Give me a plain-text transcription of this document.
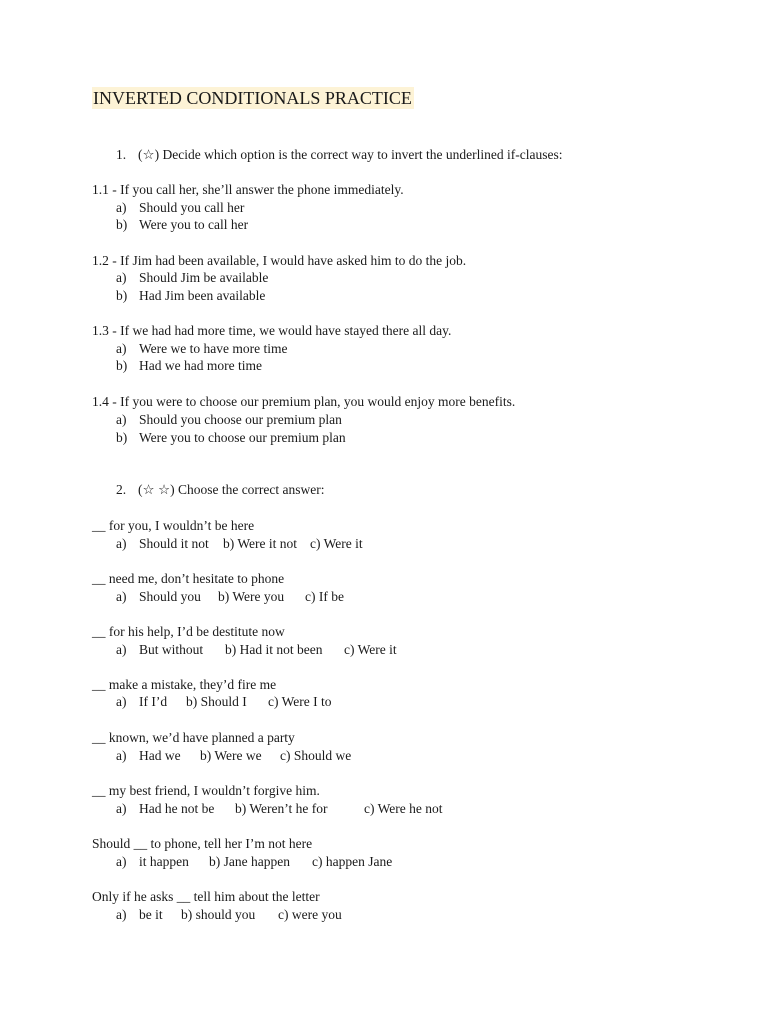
INVERTED CONDITIONALS PRACTICE
1. (☆) Decide which option is the correct way to invert the underlined if-clauses:
1.1 - If you call her, she’ll answer the phone immediately.
a) Should you call her
b) Were you to call her
1.2 - If Jim had been available, I would have asked him to do the job.
a) Should Jim be available
b) Had Jim been available
1.3 - If we had had more time, we would have stayed there all day.
a) Were we to have more time
b) Had we had more time
1.4 - If you were to choose our premium plan, you would enjoy more benefits.
a) Should you choose our premium plan
b) Were you to choose our premium plan
2. (☆ ☆) Choose the correct answer:
__ for you, I wouldn’t be here
a) Should it not b) Were it not c) Were it
__ need me, don’t hesitate to phone
a) Should you b) Were you c) If be
__ for his help, I’d be destitute now
a) But without b) Had it not been c) Were it
__ make a mistake, they’d fire me
a) If I’d b) Should I c) Were I to
__ known, we’d have planned a party
a) Had we b) Were we c) Should we
__ my best friend, I wouldn’t forgive him.
a) Had he not be b) Weren’t he for	c) Were he not
Should __ to phone, tell her I’m not here
a) it happen b) Jane happen c) happen Jane
Only if he asks __ tell him about the letter
a) be it b) should you c) were you
